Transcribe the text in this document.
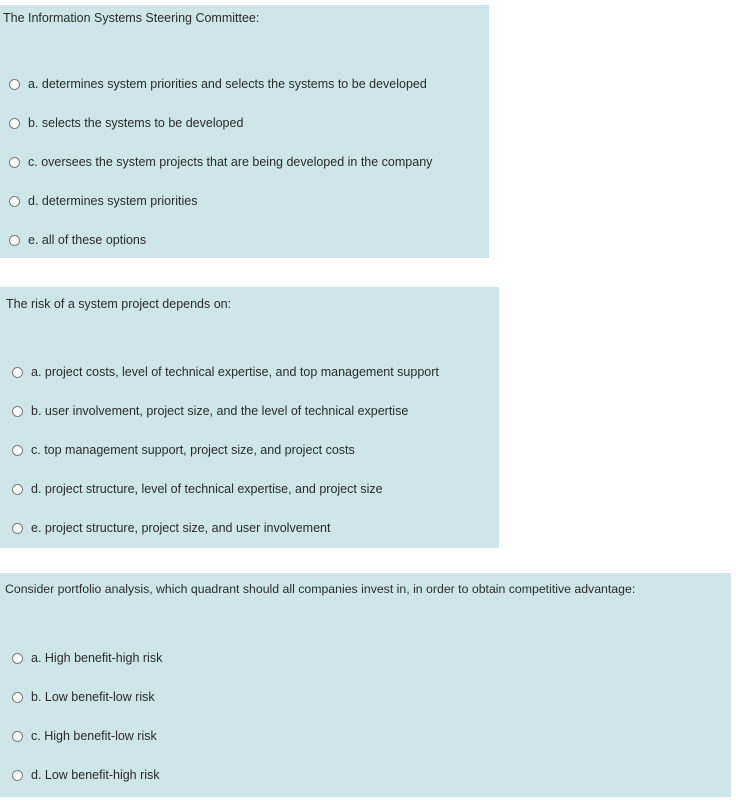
The Information Systems Steering Committee:
a. determines system priorities and selects the systems to be developed
b. selects the systems to be developed
c. oversees the system projects that are being developed in the company
d. determines system priorities
e. all of these options
The risk of a system project depends on:
a. project costs, level of technical expertise, and top management support
b. user involvement, project size, and the level of technical expertise
c. top management support, project size, and project costs
d. project structure, level of technical expertise, and project size
e. project structure, project size, and user involvement
Consider portfolio analysis, which quadrant should all companies invest in, in order to obtain competitive advantage:
a. High benefit-high risk
b. Low benefit-low risk
c. High benefit-low risk
d. Low benefit-high risk
